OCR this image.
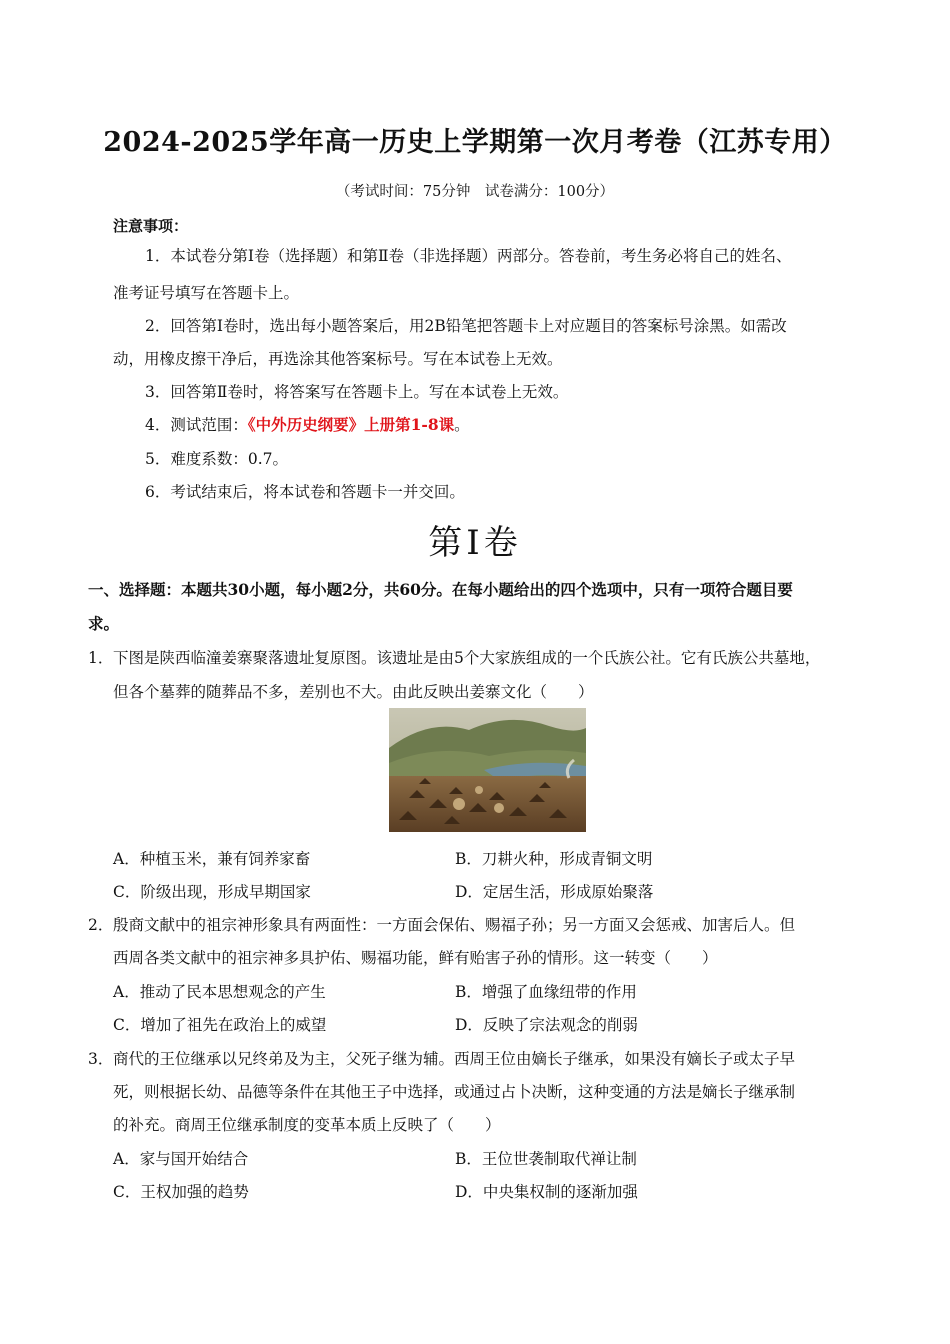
2024-2025学年高一历史上学期第一次月考卷（江苏专用）
（考试时间：75分钟　试卷满分：100分）
注意事项：
1．本试卷分第Ⅰ卷（选择题）和第Ⅱ卷（非选择题）两部分。答卷前，考生务必将自己的姓名、
准考证号填写在答题卡上。
2．回答第Ⅰ卷时，选出每小题答案后，用2B铅笔把答题卡上对应题目的答案标号涂黑。如需改
动，用橡皮擦干净后，再选涂其他答案标号。写在本试卷上无效。
3．回答第Ⅱ卷时，将答案写在答题卡上。写在本试卷上无效。
4．测试范围：《中外历史纲要》上册第1-8课。
5．难度系数：0.7。
6．考试结束后，将本试卷和答题卡一并交回。
第Ⅰ卷
一、选择题：本题共30小题，每小题2分，共60分。在每小题给出的四个选项中，只有一项符合题目要
求。
1． 下图是陕西临潼姜寨聚落遗址复原图。该遗址是由5个大家族组成的一个氏族公社。它有氏族公共墓地，
但各个墓葬的随葬品不多，差别也不大。由此反映出姜寨文化（　　）
A．种植玉米，兼有饲养家畜	B．刀耕火种，形成青铜文明
C．阶级出现，形成早期国家	D．定居生活，形成原始聚落
2． 殷商文献中的祖宗神形象具有两面性：一方面会保佑、赐福子孙；另一方面又会惩戒、加害后人。但
西周各类文献中的祖宗神多具护佑、赐福功能，鲜有贻害子孙的情形。这一转变（　　）
A．推动了民本思想观念的产生	B．增强了血缘纽带的作用
C．增加了祖先在政治上的威望	D．反映了宗法观念的削弱
3． 商代的王位继承以兄终弟及为主，父死子继为辅。西周王位由嫡长子继承，如果没有嫡长子或太子早
死，则根据长幼、品德等条件在其他王子中选择，或通过占卜决断，这种变通的方法是嫡长子继承制
的补充。商周王位继承制度的变革本质上反映了（　　）
A．家与国开始结合	B．王位世袭制取代禅让制
C．王权加强的趋势	D．中央集权制的逐渐加强
